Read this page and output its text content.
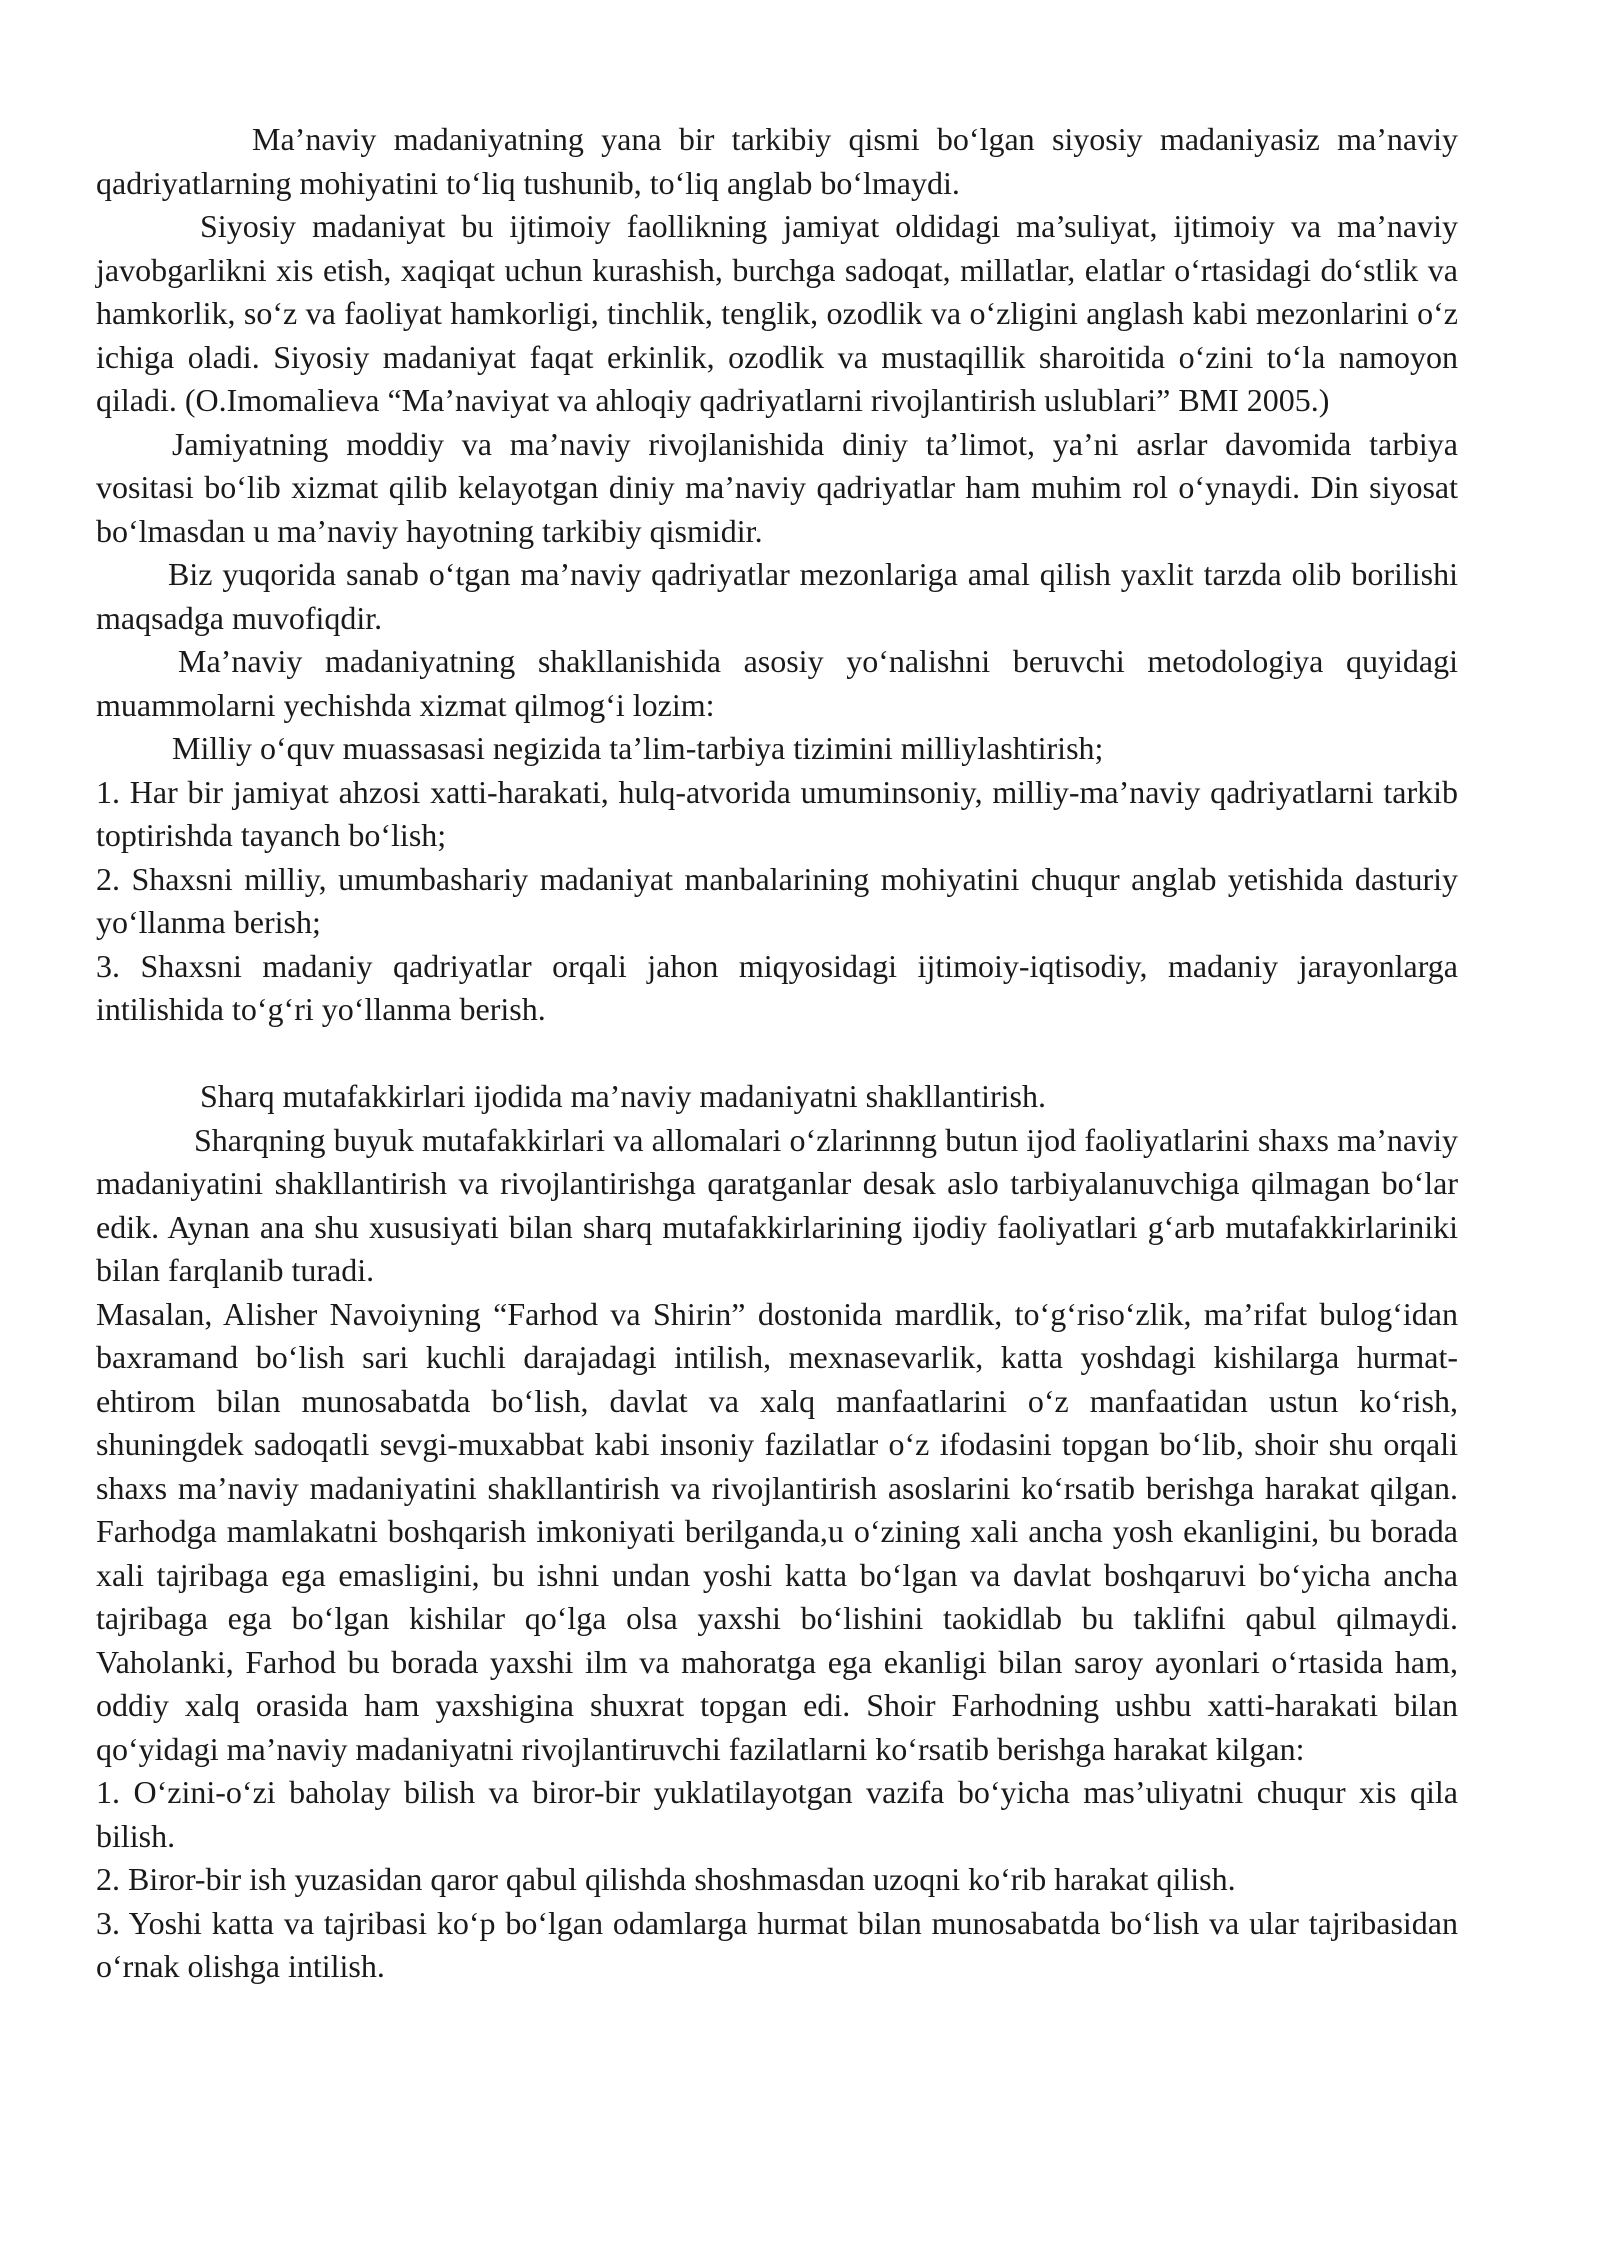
Ma’naviy madaniyatning yana bir tarkibiy qismi bo‘lgan siyosiy madaniyasiz ma’naviy qadriyatlarning mohiyatini to‘liq tushunib, to‘liq anglab bo‘lmaydi.

Siyosiy madaniyat bu ijtimoiy faollikning jamiyat oldidagi ma’suliyat, ijtimoiy va ma’naviy javobgarlikni xis etish, xaqiqat uchun kurashish, burchga sadoqat, millatlar, elatlar o‘rtasidagi do‘stlik va hamkorlik, so‘z va faoliyat hamkorligi, tinchlik, tenglik, ozodlik va o‘zligini anglash kabi mezonlarini o‘z ichiga oladi. Siyosiy madaniyat faqat erkinlik, ozodlik va mustaqillik sharoitida o‘zini to‘la namoyon qiladi. (O.Imomalieva “Ma’naviyat va ahloqiy qadriyatlarni rivojlantirish uslublari” BMI 2005.)

Jamiyatning moddiy va ma’naviy rivojlanishida diniy ta’limot, ya’ni asrlar davomida tarbiya vositasi bo‘lib xizmat qilib kelayotgan diniy ma’naviy qadriyatlar ham muhim rol o‘ynaydi. Din siyosat bo‘lmasdan u ma’naviy hayotning tarkibiy qismidir.

Biz yuqorida sanab o‘tgan ma’naviy qadriyatlar mezonlariga amal qilish yaxlit tarzda olib borilishi maqsadga muvofiqdir.

Ma’naviy madaniyatning shakllanishida asosiy yo‘nalishni beruvchi metodologiya quyidagi muammolarni yechishda xizmat qilmog‘i lozim:

Milliy o‘quv muassasasi negizida ta’lim-tarbiya tizimini milliylashtirish;

1. Har bir jamiyat ahzosi xatti-harakati, hulq-atvorida umuminsoniy, milliy-ma’naviy qadriyatlarni tarkib toptirishda tayanch bo‘lish;

2. Shaxsni milliy, umumbashariy madaniyat manbalarining mohiyatini chuqur anglab yetishida dasturiy yo‘llanma berish;

3. Shaxsni madaniy qadriyatlar orqali jahon miqyosidagi ijtimoiy-iqtisodiy, madaniy jarayonlarga intilishida to‘g‘ri yo‘llanma berish.

Sharq mutafakkirlari ijodida ma’naviy madaniyatni shakllantirish.

Sharqning buyuk mutafakkirlari va allomalari o‘zlarinnng butun ijod faoliyatlarini shaxs ma’naviy madaniyatini shakllantirish va rivojlantirishga qaratganlar desak aslo tarbiyalanuvchiga qilmagan bo‘lar edik. Aynan ana shu xususiyati bilan sharq mutafakkirlarining ijodiy faoliyatlari g‘arb mutafakkirlariniki bilan farqlanib turadi.

Masalan, Alisher Navoiyning “Farhod va Shirin” dostonida mardlik, to‘g‘riso‘zlik, ma’rifat bulog‘idan baxramand bo‘lish sari kuchli darajadagi intilish, mexnasevarlik, katta yoshdagi kishilarga hurmat-ehtirom bilan munosabatda bo‘lish, davlat va xalq manfaatlarini o‘z manfaatidan ustun ko‘rish, shuningdek sadoqatli sevgi-muxabbat kabi insoniy fazilatlar o‘z ifodasini topgan bo‘lib, shoir shu orqali shaxs ma’naviy madaniyatini shakllantirish va rivojlantirish asoslarini ko‘rsatib berishga harakat qilgan. Farhodga mamlakatni boshqarish imkoniyati berilganda,u o‘zining xali ancha yosh ekanligini, bu borada xali tajribaga ega emasligini, bu ishni undan yoshi katta bo‘lgan va davlat boshqaruvi bo‘yicha ancha tajribaga ega bo‘lgan kishilar qo‘lga olsa yaxshi bo‘lishini taokidlab bu taklifni qabul qilmaydi. Vaholanki, Farhod bu borada yaxshi ilm va mahoratga ega ekanligi bilan saroy ayonlari o‘rtasida ham, oddiy xalq orasida ham yaxshigina shuxrat topgan edi. Shoir Farhodning ushbu xatti-harakati bilan qo‘yidagi ma’naviy madaniyatni rivojlantiruvchi fazilatlarni ko‘rsatib berishga harakat kilgan:

1. O‘zini-o‘zi baholay bilish va biror-bir yuklatilayotgan vazifa bo‘yicha mas’uliyatni chuqur xis qila bilish.

2. Biror-bir ish yuzasidan qaror qabul qilishda shoshmasdan uzoqni ko‘rib harakat qilish.

3. Yoshi katta va tajribasi ko‘p bo‘lgan odamlarga hurmat bilan munosabatda bo‘lish va ular tajribasidan o‘rnak olishga intilish.
